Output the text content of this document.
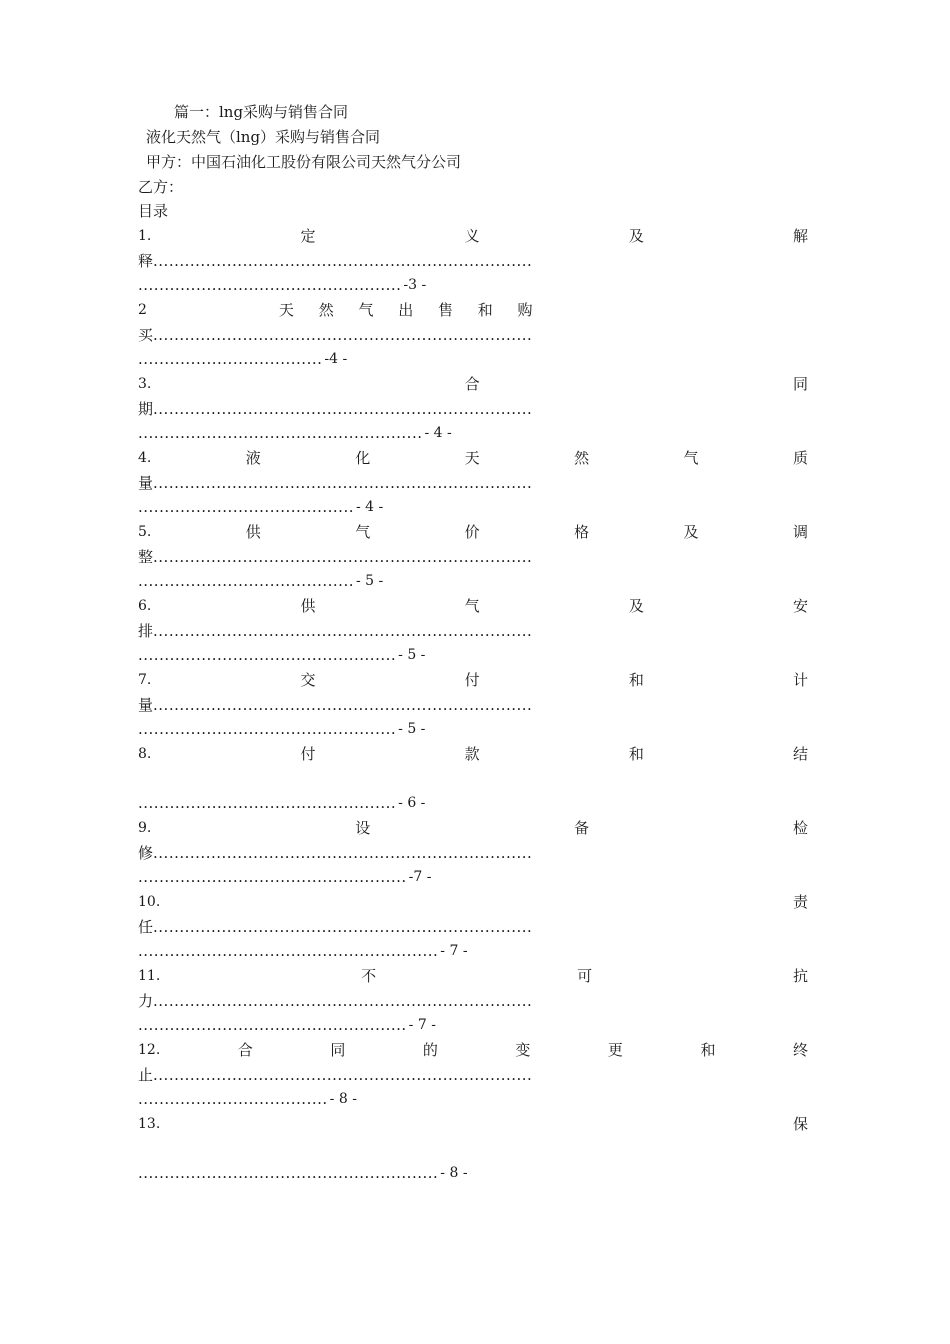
篇一：lng采购与销售合同
液化天然气（lng）采购与销售合同
甲方：中国石油化工股份有限公司天然气分公司
乙方：
目录
1.	定	义	及	解
释........................................................................
.................................................. -3 -
2	天 然 气 出 售 和 购
买........................................................................
................................... -4 -
3.	合	同
期........................................................................
...................................................... - 4 -
4.	液	化	天	然	气	质
量........................................................................
......................................... - 4 -
5.	供	气	价	格	及	调
整........................................................................
......................................... - 5 -
6.	供	气	及	安
排........................................................................
................................................. - 5 -
7.	交	付	和	计
量........................................................................
................................................. - 5 -
8.	付	款	和	结
................................................. - 6 -
9.	设	备	检
修........................................................................
................................................... -7 -
10.	责
任........................................................................
......................................................... - 7 -
11.	不	可	抗
力........................................................................
................................................... - 7 -
12.	合	同	的	变	更	和	终
止........................................................................
.................................... - 8 -
13.	保
......................................................... - 8 -
